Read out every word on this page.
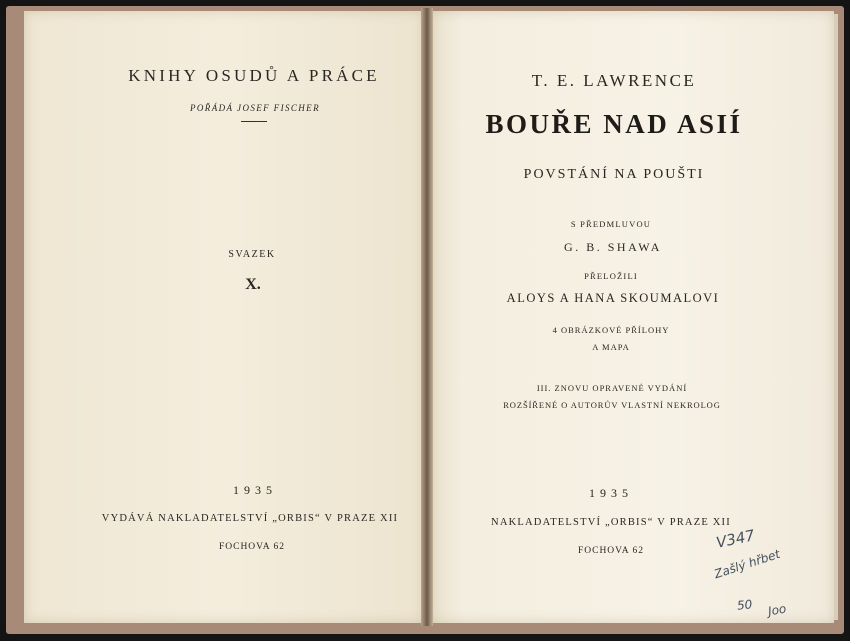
KNIHY OSUDŮ A PRÁCE
POŘÁDÁ JOSEF FISCHER
SVAZEK
X.
1935
VYDÁVÁ NAKLADATELSTVÍ „ORBIS“ V PRAZE XII
FOCHOVA 62
T. E. LAWRENCE
BOUŘE NAD ASIÍ
POVSTÁNÍ NA POUŠTI
S PŘEDMLUVOU
G. B. SHAWA
PŘELOŽILI
ALOYS A HANA SKOUMALOVI
4 OBRÁZKOVÉ PŘÍLOHY
A MAPA
III. ZNOVU OPRAVENÉ VYDÁNÍ
ROZŠÍŘENÉ O AUTORŮV VLASTNÍ NEKROLOG
1935
NAKLADATELSTVÍ „ORBIS“ V PRAZE XII
FOCHOVA 62	V347
Zašlý hřbet
50 Joo
